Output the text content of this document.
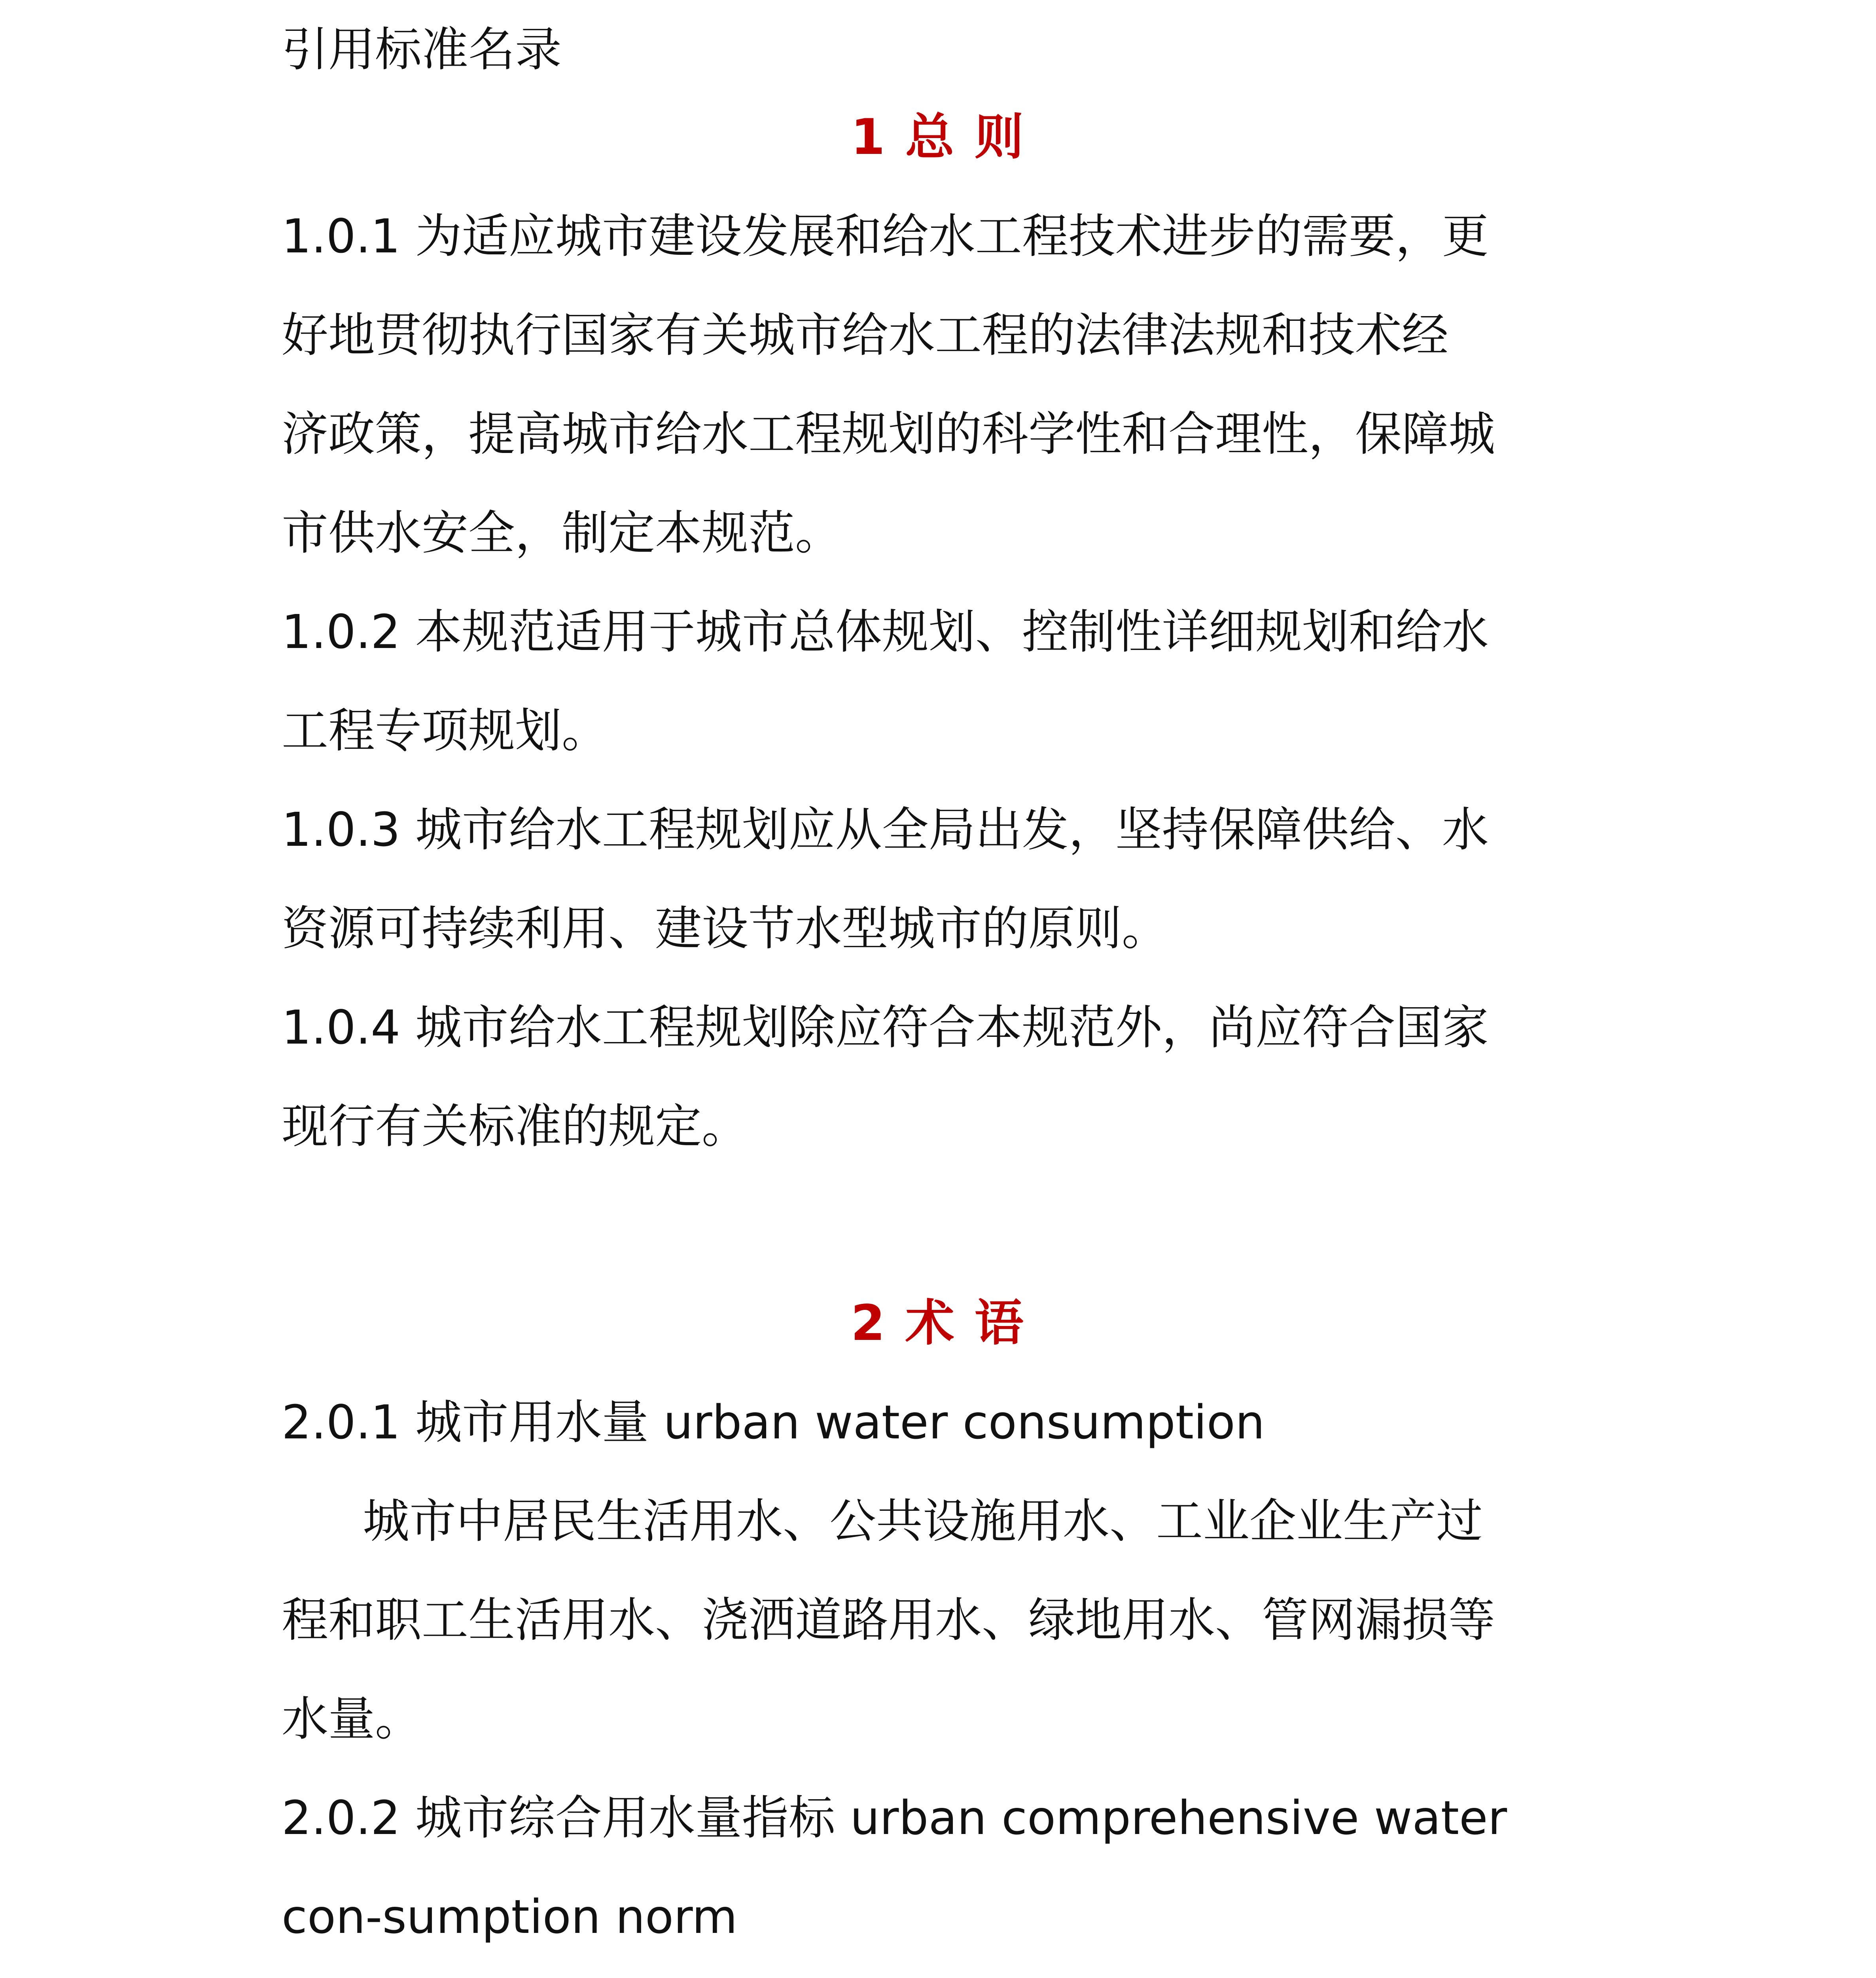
引用标准名录
1 总 则
1.0.1 为适应城市建设发展和给水工程技术进步的需要，更
好地贯彻执行国家有关城市给水工程的法律法规和技术经
济政策，提高城市给水工程规划的科学性和合理性，保障城
市供水安全，制定本规范。
1.0.2 本规范适用于城市总体规划、控制性详细规划和给水
工程专项规划。
1.0.3 城市给水工程规划应从全局出发，坚持保障供给、水
资源可持续利用、建设节水型城市的原则。
1.0.4 城市给水工程规划除应符合本规范外，尚应符合国家
现行有关标准的规定。
2 术 语
2.0.1 城市用水量 urban water consumption
城市中居民生活用水、公共设施用水、工业企业生产过
程和职工生活用水、浇洒道路用水、绿地用水、管网漏损等
水量。
2.0.2 城市综合用水量指标 urban comprehensive water
con-sumption norm
